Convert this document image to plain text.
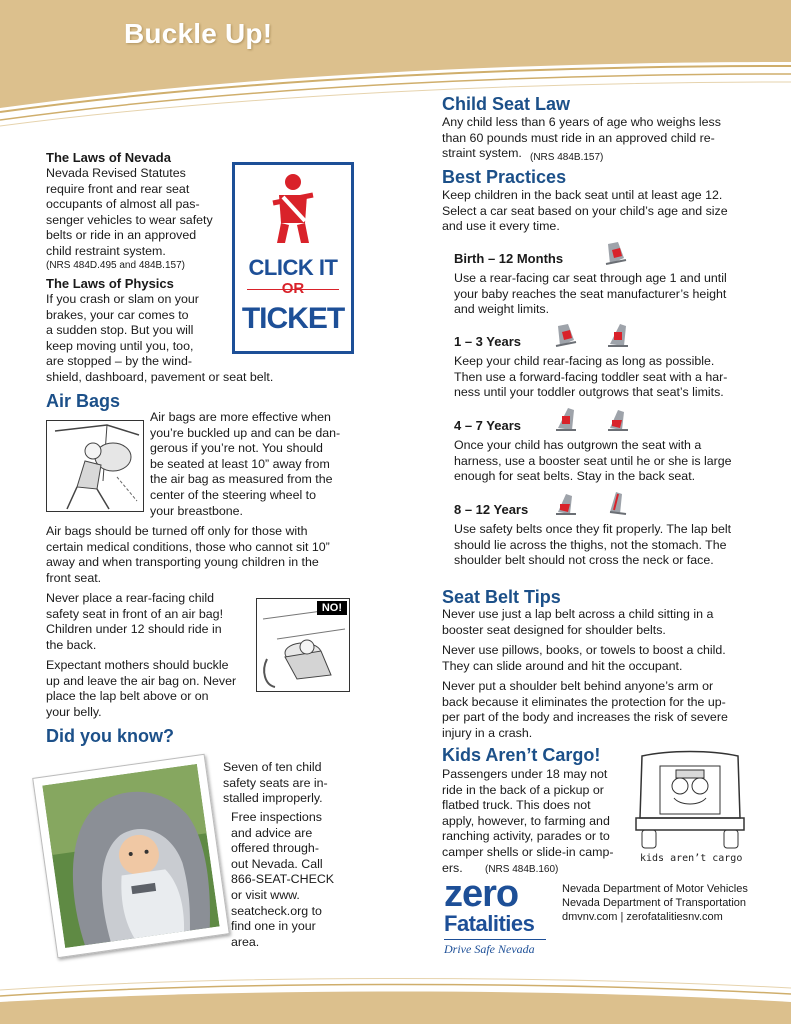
Buckle Up!
The Laws of Nevada
Nevada Revised Statutes
require front and rear seat
occupants of almost all pas-
senger vehicles to wear safety
belts or ride in an approved
child restraint system.
(NRS 484D.495 and 484B.157)
The Laws of Physics
If you crash or slam on your
brakes, your car comes to
a sudden stop. But you will
keep moving until you, too,
are stopped – by the wind-
shield, dashboard, pavement or seat belt.
CLICK IT
OR
TICKET
Air Bags
Air bags are more effective when
you’re buckled up and can be dan-
gerous if you’re not. You should
be seated at least 10” away from
the air bag as measured from the
center of the steering wheel to
your breastbone.
Air bags should be turned off only for those with
certain medical conditions, those who cannot sit 10”
away and when transporting young children in the
front seat.
Never place a rear-facing child
safety seat in front of an air bag!
Children under 12 should ride in
the back.
Expectant mothers should buckle
up and leave the air bag on. Never
place the lap belt above or on
your belly.
NO!
Did you know?
Seven of ten child
safety seats are in-
stalled improperly.
Free inspections
and advice are
offered through-
out Nevada. Call
866-SEAT-CHECK
or visit www.
seatcheck.org to
find one in your
area.
Child Seat Law
Any child less than 6 years of age who weighs less
than 60 pounds must ride in an approved child re-
straint system. (NRS 484B.157)
Best Practices
Keep children in the back seat until at least age 12.
Select a car seat based on your child’s age and size
and use it every time.
Birth – 12 Months
Use a rear-facing car seat through age 1 and until
your baby reaches the seat manufacturer’s height
and weight limits.
1 – 3 Years
Keep your child rear-facing as long as possible.
Then use a forward-facing toddler seat with a har-
ness until your toddler outgrows that seat’s limits.
4 – 7 Years
Once your child has outgrown the seat with a
harness, use a booster seat until he or she is large
enough for seat belts. Stay in the back seat.
8 – 12 Years
Use safety belts once they fit properly. The lap belt
should lie across the thighs, not the stomach. The
shoulder belt should not cross the neck or face.
Seat Belt Tips
Never use just a lap belt across a child sitting in a
booster seat designed for shoulder belts.
Never use pillows, books, or towels to boost a child.
They can slide around and hit the occupant.
Never put a shoulder belt behind anyone’s arm or
back because it eliminates the protection for the up-
per part of the body and increases the risk of severe
injury in a crash.
Kids Aren’t Cargo!
Passengers under 18 may not
ride in the back of a pickup or
flatbed truck. This does not
apply, however, to farming and
ranching activity, parades or to
camper shells or slide-in camp-
ers.	(NRS 484B.160)
kids aren’t cargo
zero
Fatalities
Drive Safe Nevada
Nevada Department of Motor Vehicles
Nevada Department of Transportation
dmvnv.com | zerofatalitiesnv.com
